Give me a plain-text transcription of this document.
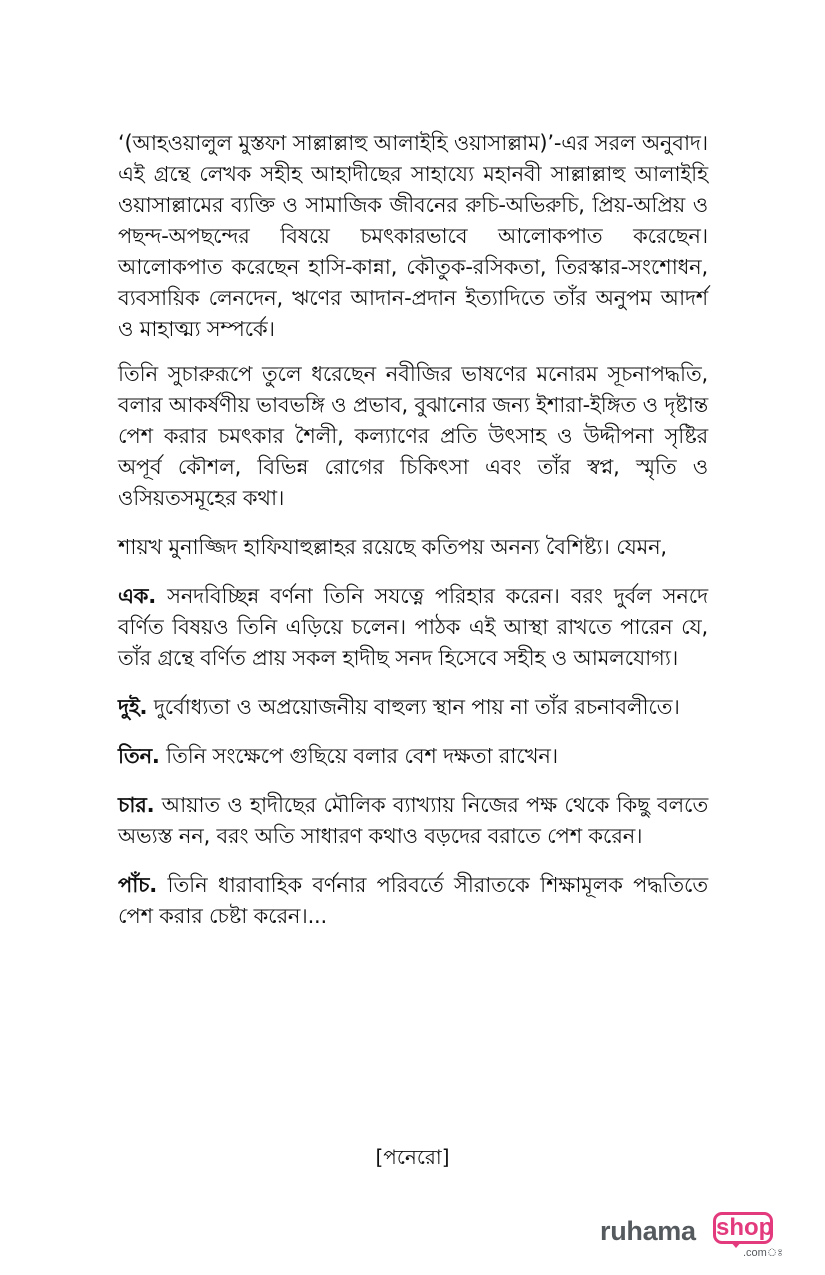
‘(আহওয়ালুল মুস্তফা সাল্লাল্লাহু আলাইহি ওয়াসাল্লাম)’-এর সরল অনুবাদ। এই গ্রন্থে লেখক সহীহ আহাদীছের সাহায্যে মহানবী সাল্লাল্লাহু আলাইহি ওয়াসাল্লামের ব্যক্তি ও সামাজিক জীবনের রুচি-অভিরুচি, প্রিয়-অপ্রিয় ও পছন্দ-অপছন্দের বিষয়ে চমৎকারভাবে আলোকপাত করেছেন। আলোকপাত করেছেন হাসি-কান্না, কৌতুক-রসিকতা, তিরস্কার-সংশোধন, ব্যবসায়িক লেনদেন, ঋণের আদান-প্রদান ইত্যাদিতে তাঁর অনুপম আদর্শ ও মাহাত্ম্য সম্পর্কে।

তিনি সুচারুরূপে তুলে ধরেছেন নবীজির ভাষণের মনোরম সূচনাপদ্ধতি, বলার আকর্ষণীয় ভাবভঙ্গি ও প্রভাব, বুঝানোর জন্য ইশারা-ইঙ্গিত ও দৃষ্টান্ত পেশ করার চমৎকার শৈলী, কল্যাণের প্রতি উৎসাহ ও উদ্দীপনা সৃষ্টির অপূর্ব কৌশল, বিভিন্ন রোগের চিকিৎসা এবং তাঁর স্বপ্ন, স্মৃতি ও ওসিয়তসমূহের কথা।

শায়খ মুনাজ্জিদ হাফিযাহুল্লাহর রয়েছে কতিপয় অনন্য বৈশিষ্ট্য। যেমন,

এক. সনদবিচ্ছিন্ন বর্ণনা তিনি সযত্নে পরিহার করেন। বরং দুর্বল সনদে বর্ণিত বিষয়ও তিনি এড়িয়ে চলেন। পাঠক এই আস্থা রাখতে পারেন যে, তাঁর গ্রন্থে বর্ণিত প্রায় সকল হাদীছ সনদ হিসেবে সহীহ ও আমলযোগ্য।

দুই. দুর্বোধ্যতা ও অপ্রয়োজনীয় বাহুল্য স্থান পায় না তাঁর রচনাবলীতে।

তিন. তিনি সংক্ষেপে গুছিয়ে বলার বেশ দক্ষতা রাখেন।

চার. আয়াত ও হাদীছের মৌলিক ব্যাখ্যায় নিজের পক্ষ থেকে কিছু বলতে অভ্যস্ত নন, বরং অতি সাধারণ কথাও বড়দের বরাতে পেশ করেন।

পাঁচ. তিনি ধারাবাহিক বর্ণনার পরিবর্তে সীরাতকে শিক্ষামূলক পদ্ধতিতে পেশ করার চেষ্টা করেন।...

[পনেরো]
ruhama shop
.comঃ
